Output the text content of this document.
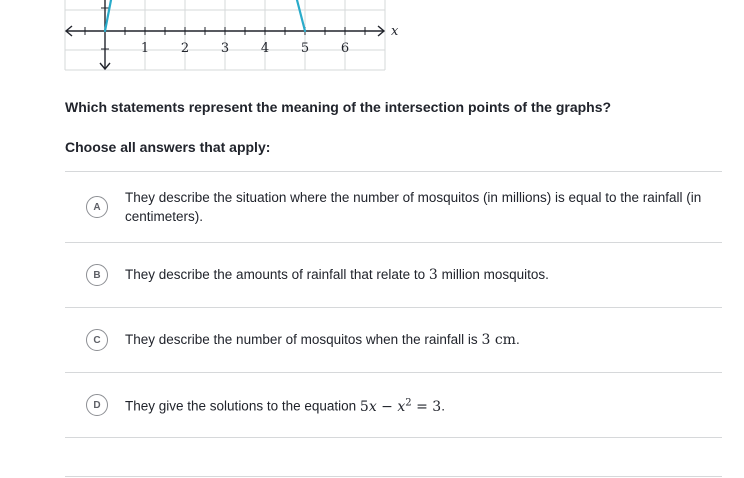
x
1 2 3 4 5 6
Which statements represent the meaning of the intersection points of the graphs?
Choose all answers that apply:
A
They describe the situation where the number of mosquitos (in millions) is equal to the rainfall (in centimeters).
B	They describe the amounts of rainfall that relate to 3 million mosquitos.
C	They describe the number of mosquitos when the rainfall is 3 cm.
D	They give the solutions to the equation $5x - x^2 = 3$.
